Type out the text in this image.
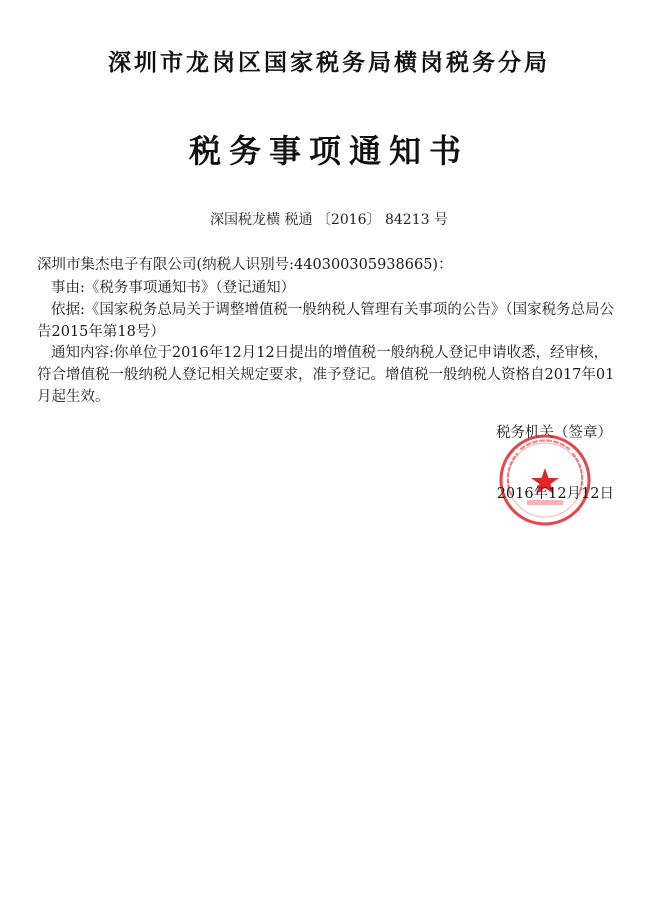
深圳市龙岗区国家税务局横岗税务分局
税务事项通知书
深国税龙横 税通 〔2016〕 84213 号
深圳市集杰电子有限公司(纳税人识别号:440300305938665)：
事由:《税务事项通知书》（登记通知）
依据:《国家税务总局关于调整增值税一般纳税人管理有关事项的公告》（国家税务总局公告2015年第18号）
通知内容:你单位于2016年12月12日提出的增值税一般纳税人登记申请收悉，经审核，符合增值税一般纳税人登记相关规定要求，准予登记。增值税一般纳税人资格自2017年01月起生效。
税务机关（签章）
2016年12月12日
